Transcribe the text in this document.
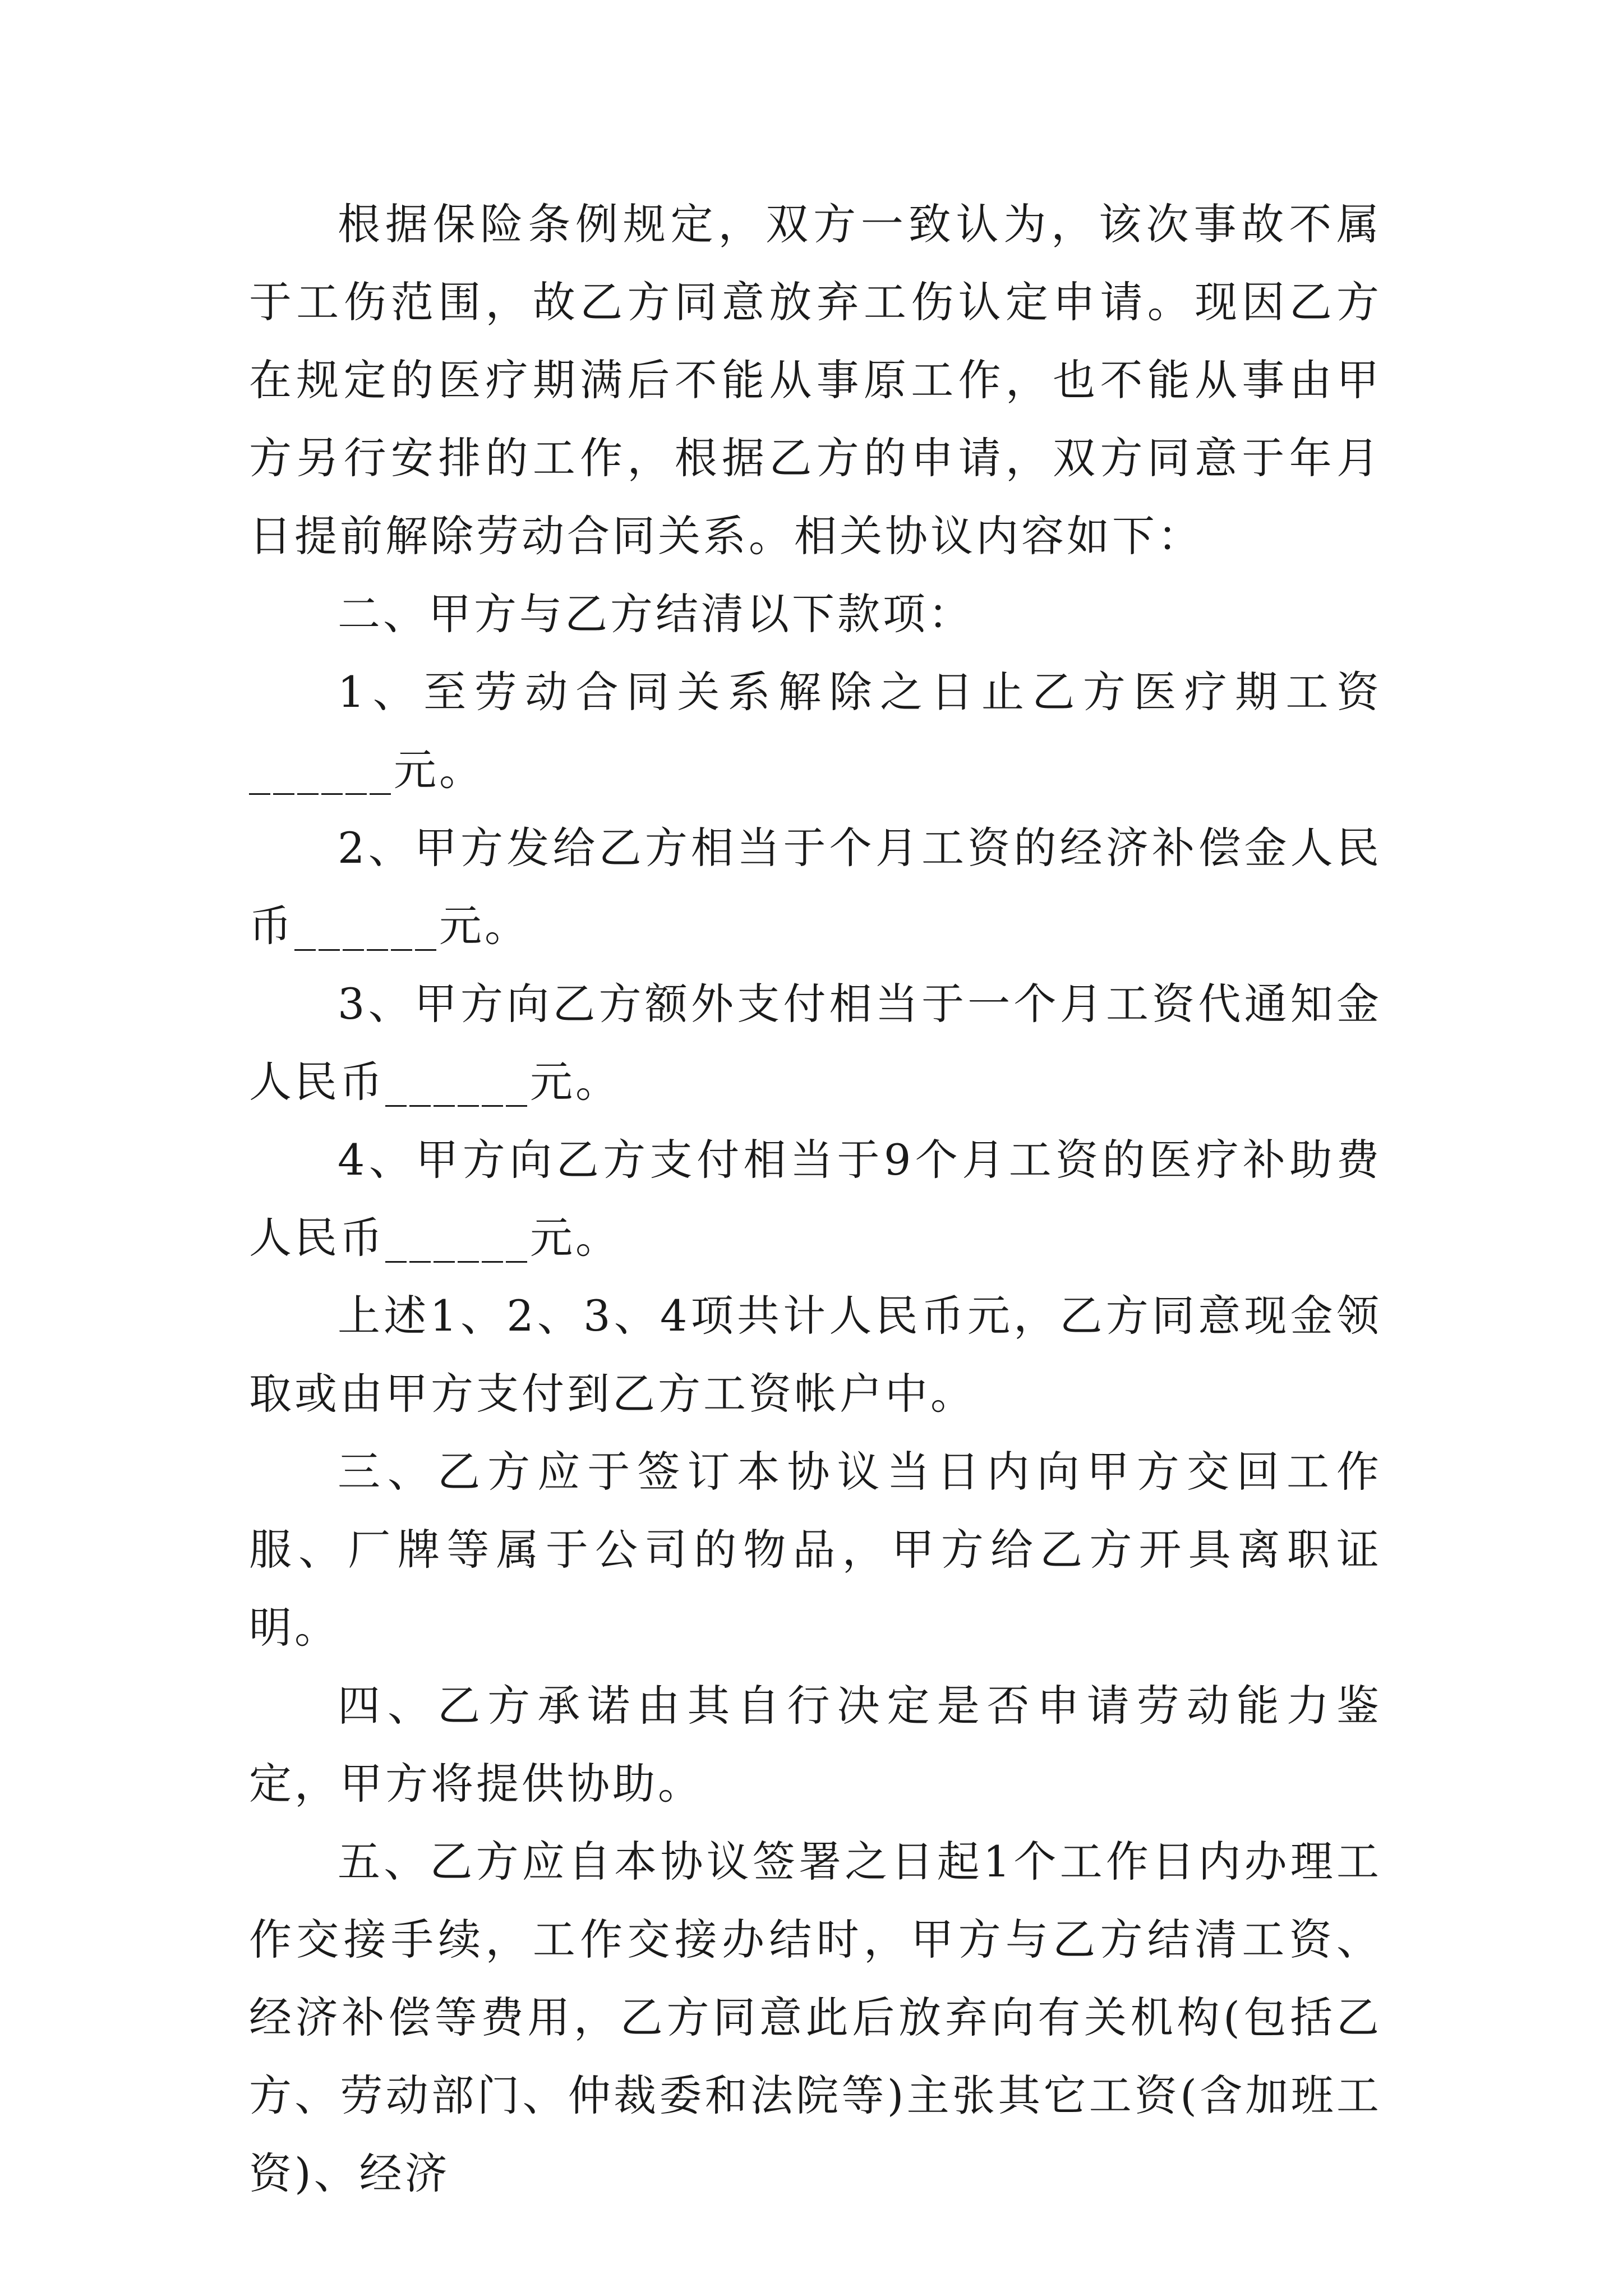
根据保险条例规定，双方一致认为，该次事故不属于工伤范围，故乙方同意放弃工伤认定申请。现因乙方在规定的医疗期满后不能从事原工作，也不能从事由甲方另行安排的工作，根据乙方的申请，双方同意于年月日提前解除劳动合同关系。相关协议内容如下：

二、甲方与乙方结清以下款项：

1、至劳动合同关系解除之日止乙方医疗期工资______元。

2、甲方发给乙方相当于个月工资的经济补偿金人民币______元。

3、甲方向乙方额外支付相当于一个月工资代通知金人民币______元。

4、甲方向乙方支付相当于9个月工资的医疗补助费人民币______元。

上述1、2、3、4项共计人民币元，乙方同意现金领取或由甲方支付到乙方工资帐户中。

三、乙方应于签订本协议当日内向甲方交回工作服、厂牌等属于公司的物品，甲方给乙方开具离职证明。

四、乙方承诺由其自行决定是否申请劳动能力鉴定，甲方将提供协助。

五、乙方应自本协议签署之日起1个工作日内办理工作交接手续，工作交接办结时，甲方与乙方结清工资、经济补偿等费用，乙方同意此后放弃向有关机构(包括乙方、劳动部门、仲裁委和法院等)主张其它工资(含加班工资)、经济
